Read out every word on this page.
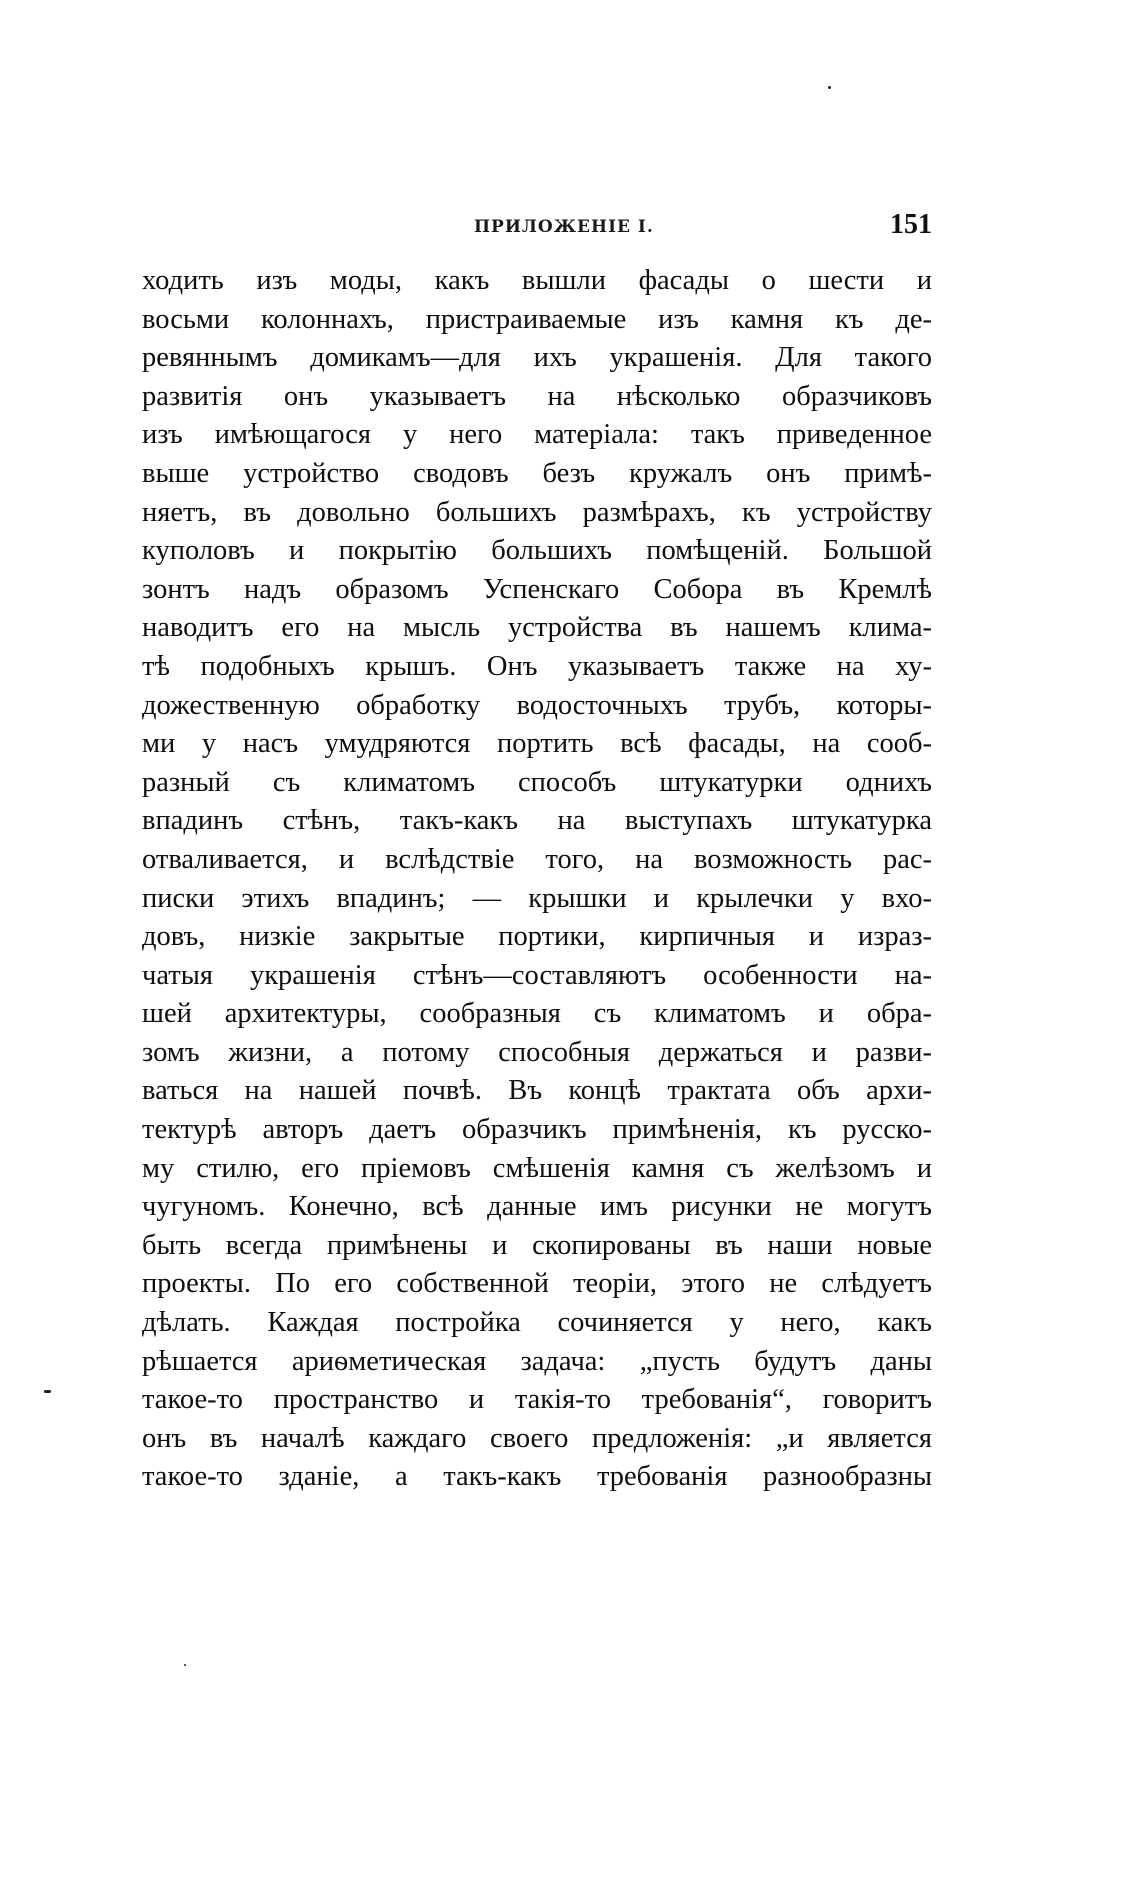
ПРИЛОЖЕНІЕ I.	151
ходить изъ моды, какъ вышли фасады о шести и
восьми колоннахъ, пристраиваемые изъ камня къ де-
ревяннымъ домикамъ—для ихъ украшенія. Для такого
развитія онъ указываетъ на нѣсколько образчиковъ
изъ имѣющагося у него матеріала: такъ приведенное
выше устройство сводовъ безъ кружалъ онъ примѣ-
няетъ, въ довольно большихъ размѣрахъ, къ устройству
куполовъ и покрытію большихъ помѣщеній. Большой
зонтъ надъ образомъ Успенскаго Собора въ Кремлѣ
наводитъ его на мысль устройства въ нашемъ клима-
тѣ подобныхъ крышъ. Онъ указываетъ также на ху-
дожественную обработку водосточныхъ трубъ, которы-
ми у насъ умудряются портить всѣ фасады, на сооб-
разный съ климатомъ способъ штукатурки однихъ
впадинъ стѣнъ, такъ-какъ на выступахъ штукатурка
отваливается, и вслѣдствіе того, на возможность рас-
писки этихъ впадинъ; — крышки и крылечки у вхо-
довъ, низкіе закрытые портики, кирпичныя и израз-
чатыя украшенія стѣнъ—составляютъ особенности на-
шей архитектуры, сообразныя съ климатомъ и обра-
зомъ жизни, а потому способныя держаться и разви-
ваться на нашей почвѣ. Въ концѣ трактата объ архи-
тектурѣ авторъ даетъ образчикъ примѣненія, къ русско-
му стилю, его пріемовъ смѣшенія камня съ желѣзомъ и
чугуномъ. Конечно, всѣ данные имъ рисунки не могутъ
быть всегда примѣнены и скопированы въ наши новые
проекты. По его собственной теоріи, этого не слѣдуетъ
дѣлать. Каждая постройка сочиняется у него, какъ
рѣшается ариѳметическая задача: „пусть будутъ даны
такое-то пространство и такія-то требованія“, говоритъ
онъ въ началѣ каждаго своего предложенія: „и является
такое-то зданіе, а такъ-какъ требованія разнообразны
